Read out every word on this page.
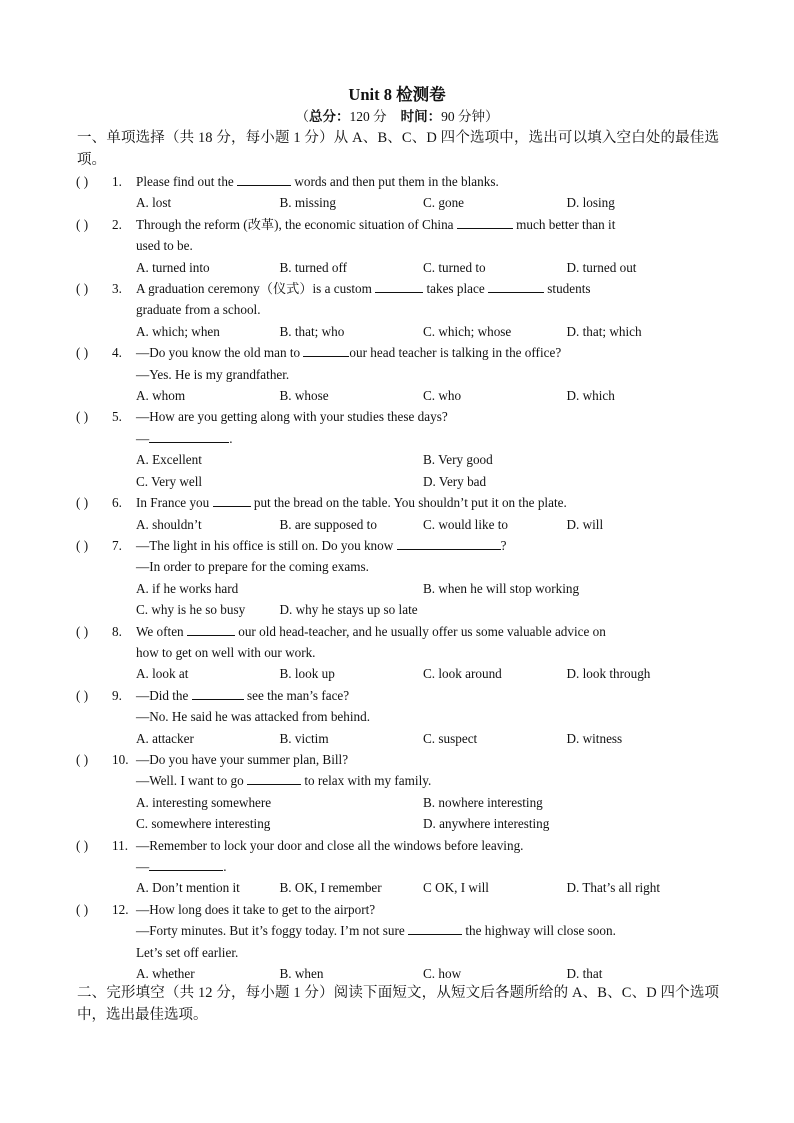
Unit 8 检测卷
（总分：120 分 时间：90 分钟）
一、单项选择（共 18 分，每小题 1 分）从 A、B、C、D 四个选项中，选出可以填入空白处的最佳选项。
( )	1.	Please find out the	words and then put them in the blanks.
A. lost	B. missing	C. gone	D. losing
( )	2.	Through the reform (改革), the economic situation of China	much better than it
used to be.
A. turned into	B. turned off	C. turned to	D. turned out
( )	3.	A graduation ceremony（仪式）is a custom	takes place	students
graduate from a school.
A. which; when	B. that; who	C. which; whose	D. that; which
( )	4.	—Do you know the old man to	our head teacher is talking in the office?
—Yes. He is my grandfather.
A. whom	B. whose	C. who	D. which
( )	5.	—How are you getting along with your studies these days?
—	.
A. Excellent	B. Very good
C. Very well	D. Very bad
( )	6.	In France you	put the bread on the table. You shouldn’t put it on the plate.
A. shouldn’t	B. are supposed to	C. would like to	D. will
( )	7.	—The light in his office is still on. Do you know	?
—In order to prepare for the coming exams.
A. if he works hard	B. when he will stop working
C. why is he so busy	D. why he stays up so late
( )	8.	We often	our old head-teacher, and he usually offer us some valuable advice on
how to get on well with our work.
A. look at	B. look up	C. look around	D. look through
( )	9.	—Did the	see the man’s face?
—No. He said he was attacked from behind.
A. attacker	B. victim	C. suspect	D. witness
( )	10. —Do you have your summer plan, Bill?
—Well. I want to go	to relax with my family.
A. interesting somewhere	B. nowhere interesting
C. somewhere interesting	D. anywhere interesting
( )	11. —Remember to lock your door and close all the windows before leaving.
—	.
A. Don’t mention it	B. OK, I remember	C OK, I will	D. That’s all right
( )	12. —How long does it take to get to the airport?
—Forty minutes. But it’s foggy today. I’m not sure	the highway will close soon.
Let’s set off earlier.
A. whether	B. when	C. how	D. that
二、完形填空（共 12 分，每小题 1 分）阅读下面短文，从短文后各题所给的 A、B、C、D 四个选项中，选出最佳选项。
